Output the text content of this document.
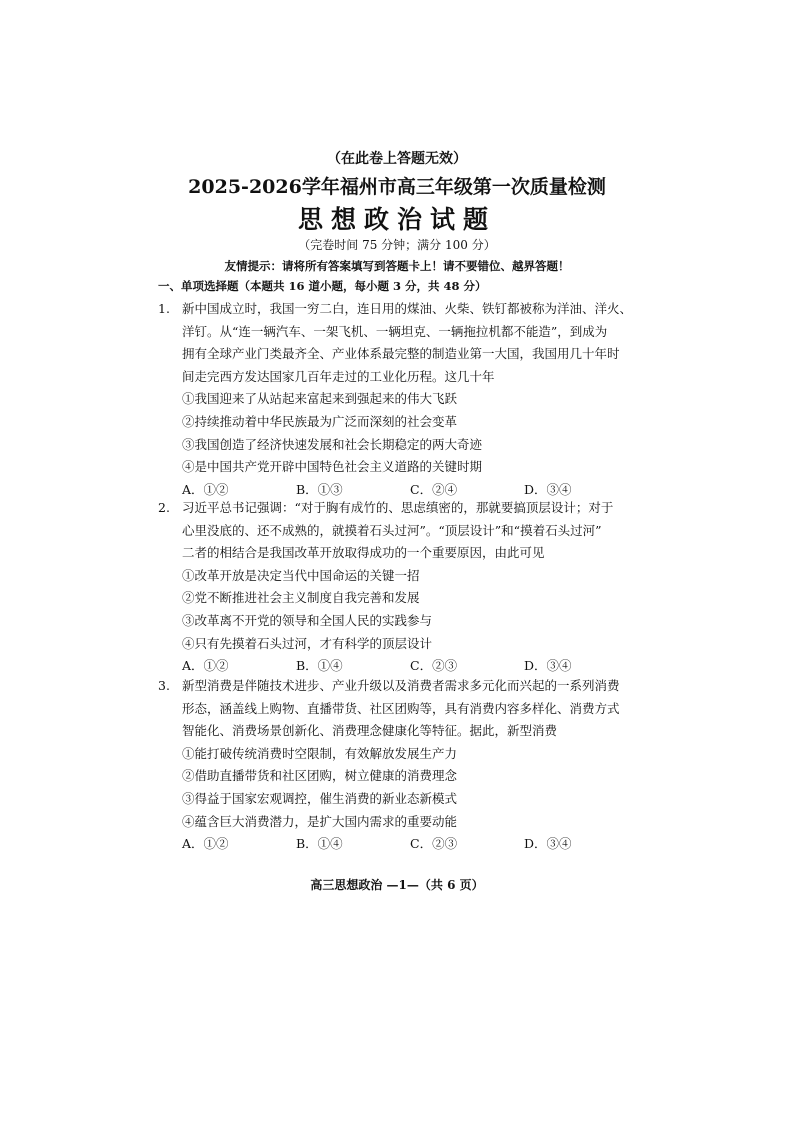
（在此卷上答题无效）
2025-2026学年福州市高三年级第一次质量检测
思想政治试题
（完卷时间 75 分钟；满分 100 分）
友情提示：请将所有答案填写到答题卡上！请不要错位、越界答题！
一、单项选择题（本题共 16 道小题，每小题 3 分，共 48 分）
1. 新中国成立时，我国一穷二白，连日用的煤油、火柴、铁钉都被称为洋油、洋火、
洋钉。从“连一辆汽车、一架飞机、一辆坦克、一辆拖拉机都不能造”，到成为
拥有全球产业门类最齐全、产业体系最完整的制造业第一大国，我国用几十年时
间走完西方发达国家几百年走过的工业化历程。这几十年
①我国迎来了从站起来富起来到强起来的伟大飞跃
②持续推动着中华民族最为广泛而深刻的社会变革
③我国创造了经济快速发展和社会长期稳定的两大奇迹
④是中国共产党开辟中国特色社会主义道路的关键时期
A．①②	B．①③	C．②④	D．③④
2. 习近平总书记强调：“对于胸有成竹的、思虑缜密的，那就要搞顶层设计；对于
心里没底的、还不成熟的，就摸着石头过河”。“顶层设计”和“摸着石头过河”
二者的相结合是我国改革开放取得成功的一个重要原因，由此可见
①改革开放是决定当代中国命运的关键一招
②党不断推进社会主义制度自我完善和发展
③改革离不开党的领导和全国人民的实践参与
④只有先摸着石头过河，才有科学的顶层设计
A．①②	B．①④	C．②③	D．③④
3. 新型消费是伴随技术进步、产业升级以及消费者需求多元化而兴起的一系列消费
形态，涵盖线上购物、直播带货、社区团购等，具有消费内容多样化、消费方式
智能化、消费场景创新化、消费理念健康化等特征。据此，新型消费
①能打破传统消费时空限制，有效解放发展生产力
②借助直播带货和社区团购，树立健康的消费理念
③得益于国家宏观调控，催生消费的新业态新模式
④蕴含巨大消费潜力，是扩大国内需求的重要动能
A．①②	B．①④	C．②③	D．③④
高三思想政治 —1—（共 6 页）
